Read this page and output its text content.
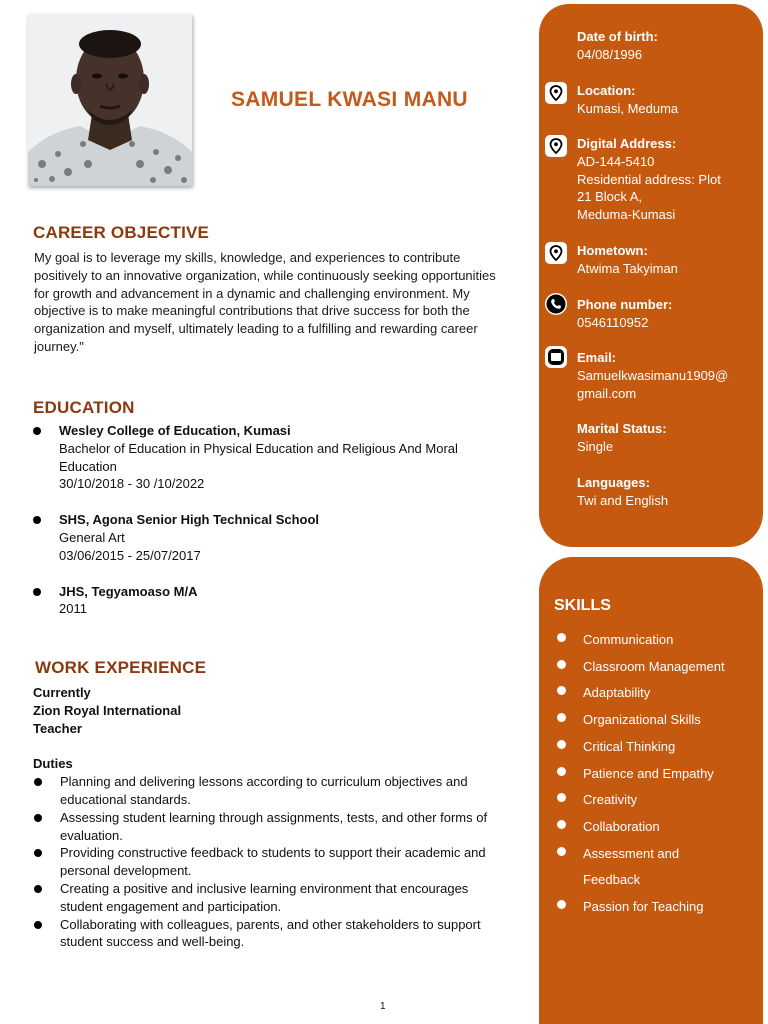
SAMUEL KWASI MANU
CAREER OBJECTIVE
My goal is to leverage my skills, knowledge, and experiences to contribute positively to an innovative organization, while continuously seeking opportunities for growth and advancement in a dynamic and challenging environment. My objective is to make meaningful contributions that drive success for both the organization and myself, ultimately leading to a fulfilling and rewarding career journey."
EDUCATION
Wesley College of Education, Kumasi
Bachelor of Education in Physical Education and Religious And Moral Education
30/10/2018 - 30 /10/2022
SHS, Agona Senior High Technical School
General Art
03/06/2015 - 25/07/2017
JHS, Tegyamoaso M/A
2011
WORK EXPERIENCE
Currently
Zion Royal International
Teacher
Duties
Planning and delivering lessons according to curriculum objectives and educational standards.
Assessing student learning through assignments, tests, and other forms of evaluation.
Providing constructive feedback to students to support their academic and personal development.
Creating a positive and inclusive learning environment that encourages student engagement and participation.
Collaborating with colleagues, parents, and other stakeholders to support student success and well-being.
1
Date of birth:
04/08/1996
Location:
Kumasi, Meduma
Digital Address:
AD-144-5410
Residential address: Plot
21 Block A,
Meduma-Kumasi
Hometown:
Atwima Takyiman
Phone number:
0546110952
Email:
Samuelkwasimanu1909@
gmail.com
Marital Status:
Single
Languages:
Twi and English
SKILLS
Communication
Classroom Management
Adaptability
Organizational Skills
Critical Thinking
Patience and Empathy
Creativity
Collaboration
Assessment and
Feedback
Passion for Teaching
